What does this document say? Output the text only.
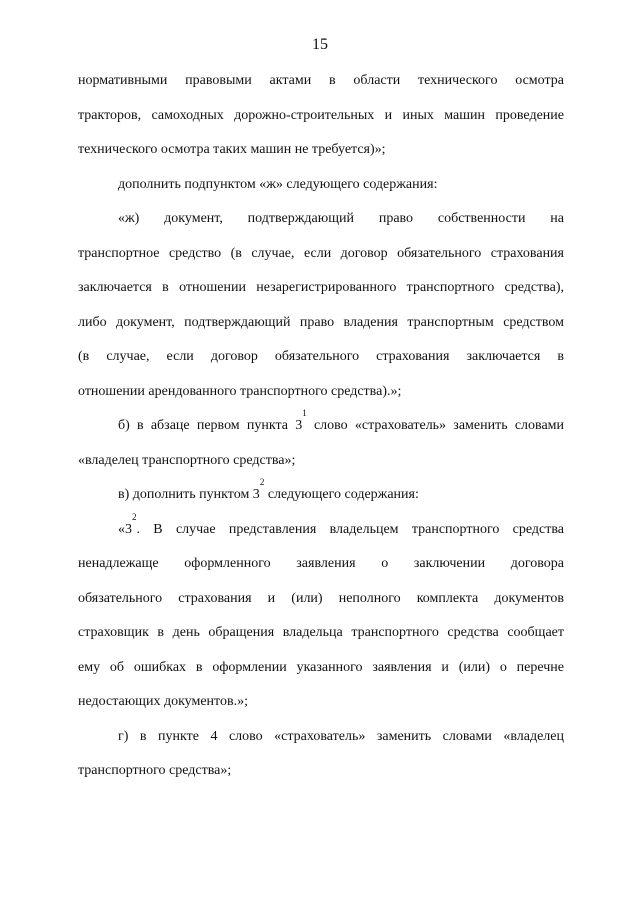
15
нормативными правовыми актами в области технического осмотра
тракторов, самоходных дорожно-строительных и иных машин проведение
технического осмотра таких машин не требуется)»;
дополнить подпунктом «ж» следующего содержания:
«ж) документ, подтверждающий право собственности на
транспортное средство (в случае, если договор обязательного страхования
заключается в отношении незарегистрированного транспортного средства),
либо документ, подтверждающий право владения транспортным средством
(в случае, если договор обязательного страхования заключается в
отношении арендованного транспортного средства).»;
б) в абзаце первом пункта $3^1$ слово «страхователь» заменить словами
«владелец транспортного средства»;
в) дополнить пунктом $3^2$ следующего содержания:
«$3^2$. В случае представления владельцем транспортного средства
ненадлежаще оформленного заявления о заключении договора
обязательного страхования и (или) неполного комплекта документов
страховщик в день обращения владельца транспортного средства сообщает
ему об ошибках в оформлении указанного заявления и (или) о перечне
недостающих документов.»;
г) в пункте 4 слово «страхователь» заменить словами «владелец
транспортного средства»;
